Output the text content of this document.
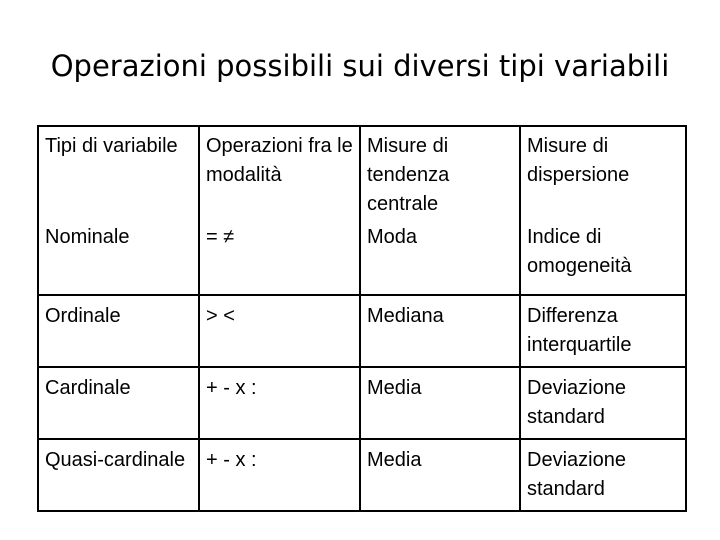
Operazioni possibili sui diversi tipi variabili
Tipi di variabile	Operazioni fra le modalità	Misure di tendenza centrale	Misure di dispersione
Nominale	= ≠	Moda	Indice di omogeneità
Ordinale	> <	Mediana	Differenza interquartile
Cardinale	+ - x :	Media	Deviazione standard
Quasi-cardinale	+ - x :	Media	Deviazione standard
